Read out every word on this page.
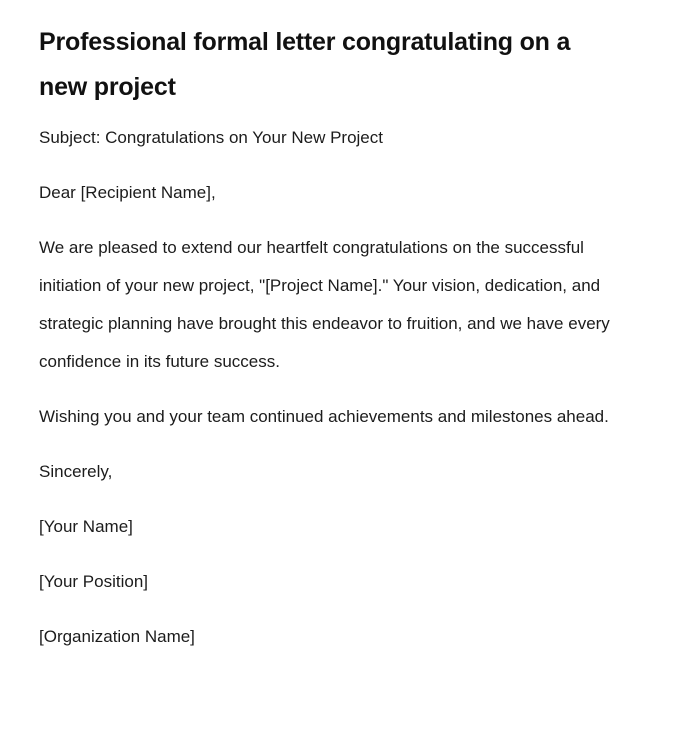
Professional formal letter congratulating on a new project

Subject: Congratulations on Your New Project

Dear [Recipient Name],

We are pleased to extend our heartfelt congratulations on the successful initiation of your new project, "[Project Name]." Your vision, dedication, and strategic planning have brought this endeavor to fruition, and we have every confidence in its future success.

Wishing you and your team continued achievements and milestones ahead.

Sincerely,

[Your Name]

[Your Position]

[Organization Name]
